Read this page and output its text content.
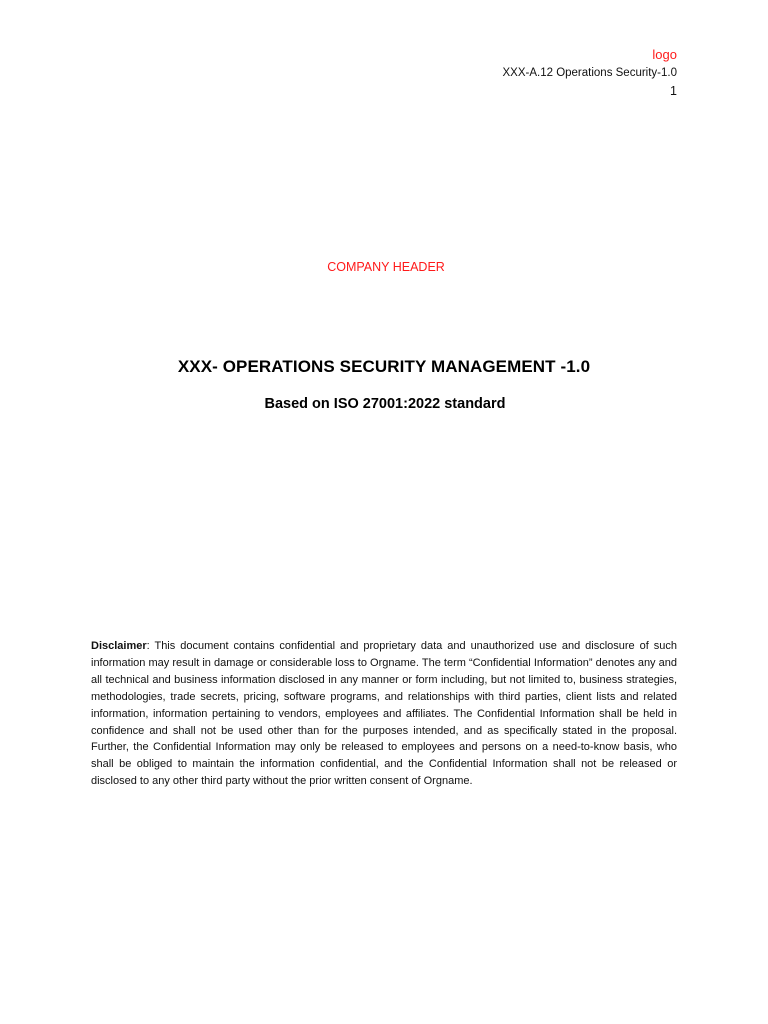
logo
XXX-A.12 Operations Security-1.0
1
COMPANY HEADER
XXX- OPERATIONS SECURITY MANAGEMENT -1.0
Based on ISO 27001:2022 standard
Disclaimer: This document contains confidential and proprietary data and unauthorized use and disclosure of such information may result in damage or considerable loss to Orgname. The term “Confidential Information” denotes any and all technical and business information disclosed in any manner or form including, but not limited to, business strategies, methodologies, trade secrets, pricing, software programs, and relationships with third parties, client lists and related information, information pertaining to vendors, employees and affiliates. The Confidential Information shall be held in confidence and shall not be used other than for the purposes intended, and as specifically stated in the proposal. Further, the Confidential Information may only be released to employees and persons on a need-to-know basis, who shall be obliged to maintain the information confidential, and the Confidential Information shall not be released or disclosed to any other third party without the prior written consent of Orgname.
